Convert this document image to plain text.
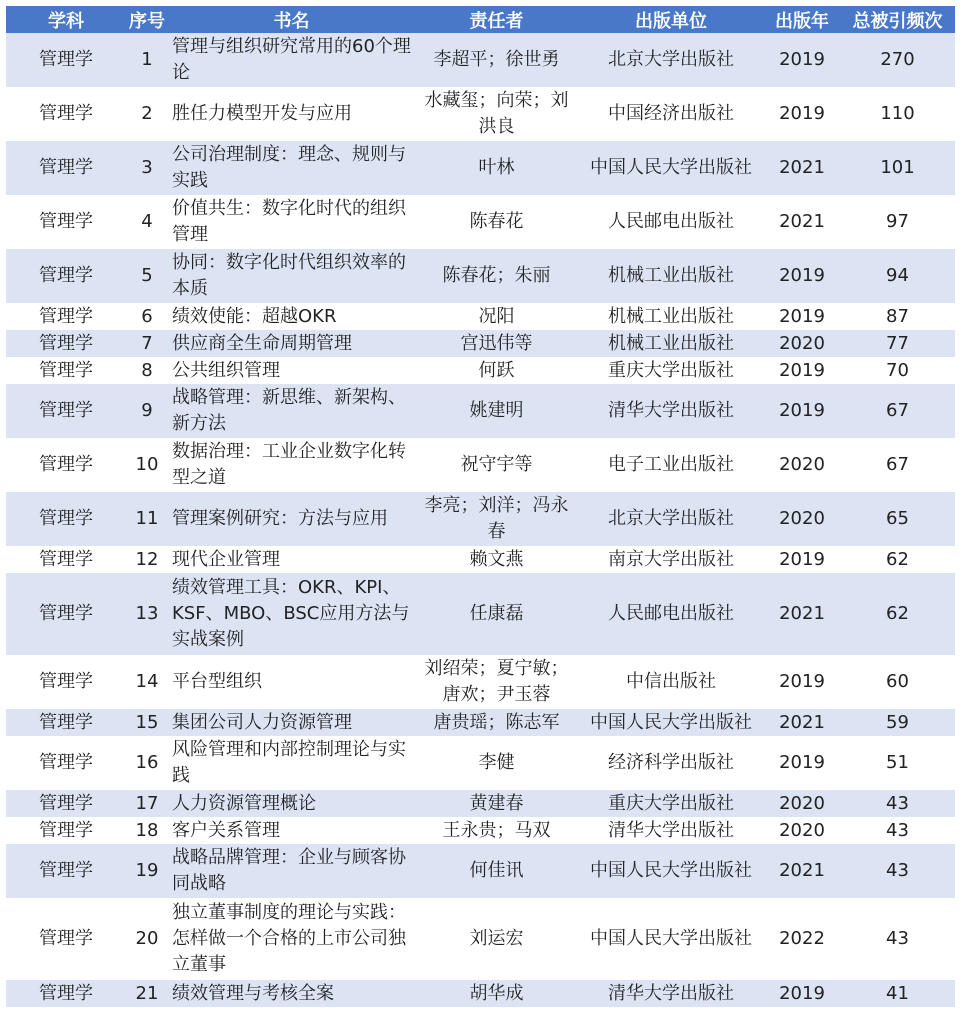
学科	序号	书名	责任者	出版单位	出版年	总被引频次
管理学	1	管理与组织研究常用的60个理论	李超平；徐世勇	北京大学出版社	2019	270
管理学	2	胜任力模型开发与应用	水藏玺；向荣；刘洪良	中国经济出版社	2019	110
管理学	3	公司治理制度：理念、规则与实践	叶林	中国人民大学出版社	2021	101
管理学	4	价值共生：数字化时代的组织管理	陈春花	人民邮电出版社	2021	97
管理学	5	协同：数字化时代组织效率的本质	陈春花；朱丽	机械工业出版社	2019	94
管理学	6	绩效使能：超越OKR	况阳	机械工业出版社	2019	87
管理学	7	供应商全生命周期管理	宫迅伟等	机械工业出版社	2020	77
管理学	8	公共组织管理	何跃	重庆大学出版社	2019	70
管理学	9	战略管理：新思维、新架构、新方法	姚建明	清华大学出版社	2019	67
管理学	10	数据治理：工业企业数字化转型之道	祝守宇等	电子工业出版社	2020	67
管理学	11	管理案例研究：方法与应用	李亮；刘洋；冯永春	北京大学出版社	2020	65
管理学	12	现代企业管理	赖文燕	南京大学出版社	2019	62
管理学	13	绩效管理工具：OKR、KPI、KSF、MBO、BSC应用方法与实战案例	任康磊	人民邮电出版社	2021	62
管理学	14	平台型组织	刘绍荣；夏宁敏；唐欢；尹玉蓉	中信出版社	2019	60
管理学	15	集团公司人力资源管理	唐贵瑶；陈志军	中国人民大学出版社	2021	59
管理学	16	风险管理和内部控制理论与实践	李健	经济科学出版社	2019	51
管理学	17	人力资源管理概论	黄建春	重庆大学出版社	2020	43
管理学	18	客户关系管理	王永贵；马双	清华大学出版社	2020	43
管理学	19	战略品牌管理：企业与顾客协同战略	何佳讯	中国人民大学出版社	2021	43
管理学	20	独立董事制度的理论与实践：怎样做一个合格的上市公司独立董事	刘运宏	中国人民大学出版社	2022	43
管理学	21	绩效管理与考核全案	胡华成	清华大学出版社	2019	41
